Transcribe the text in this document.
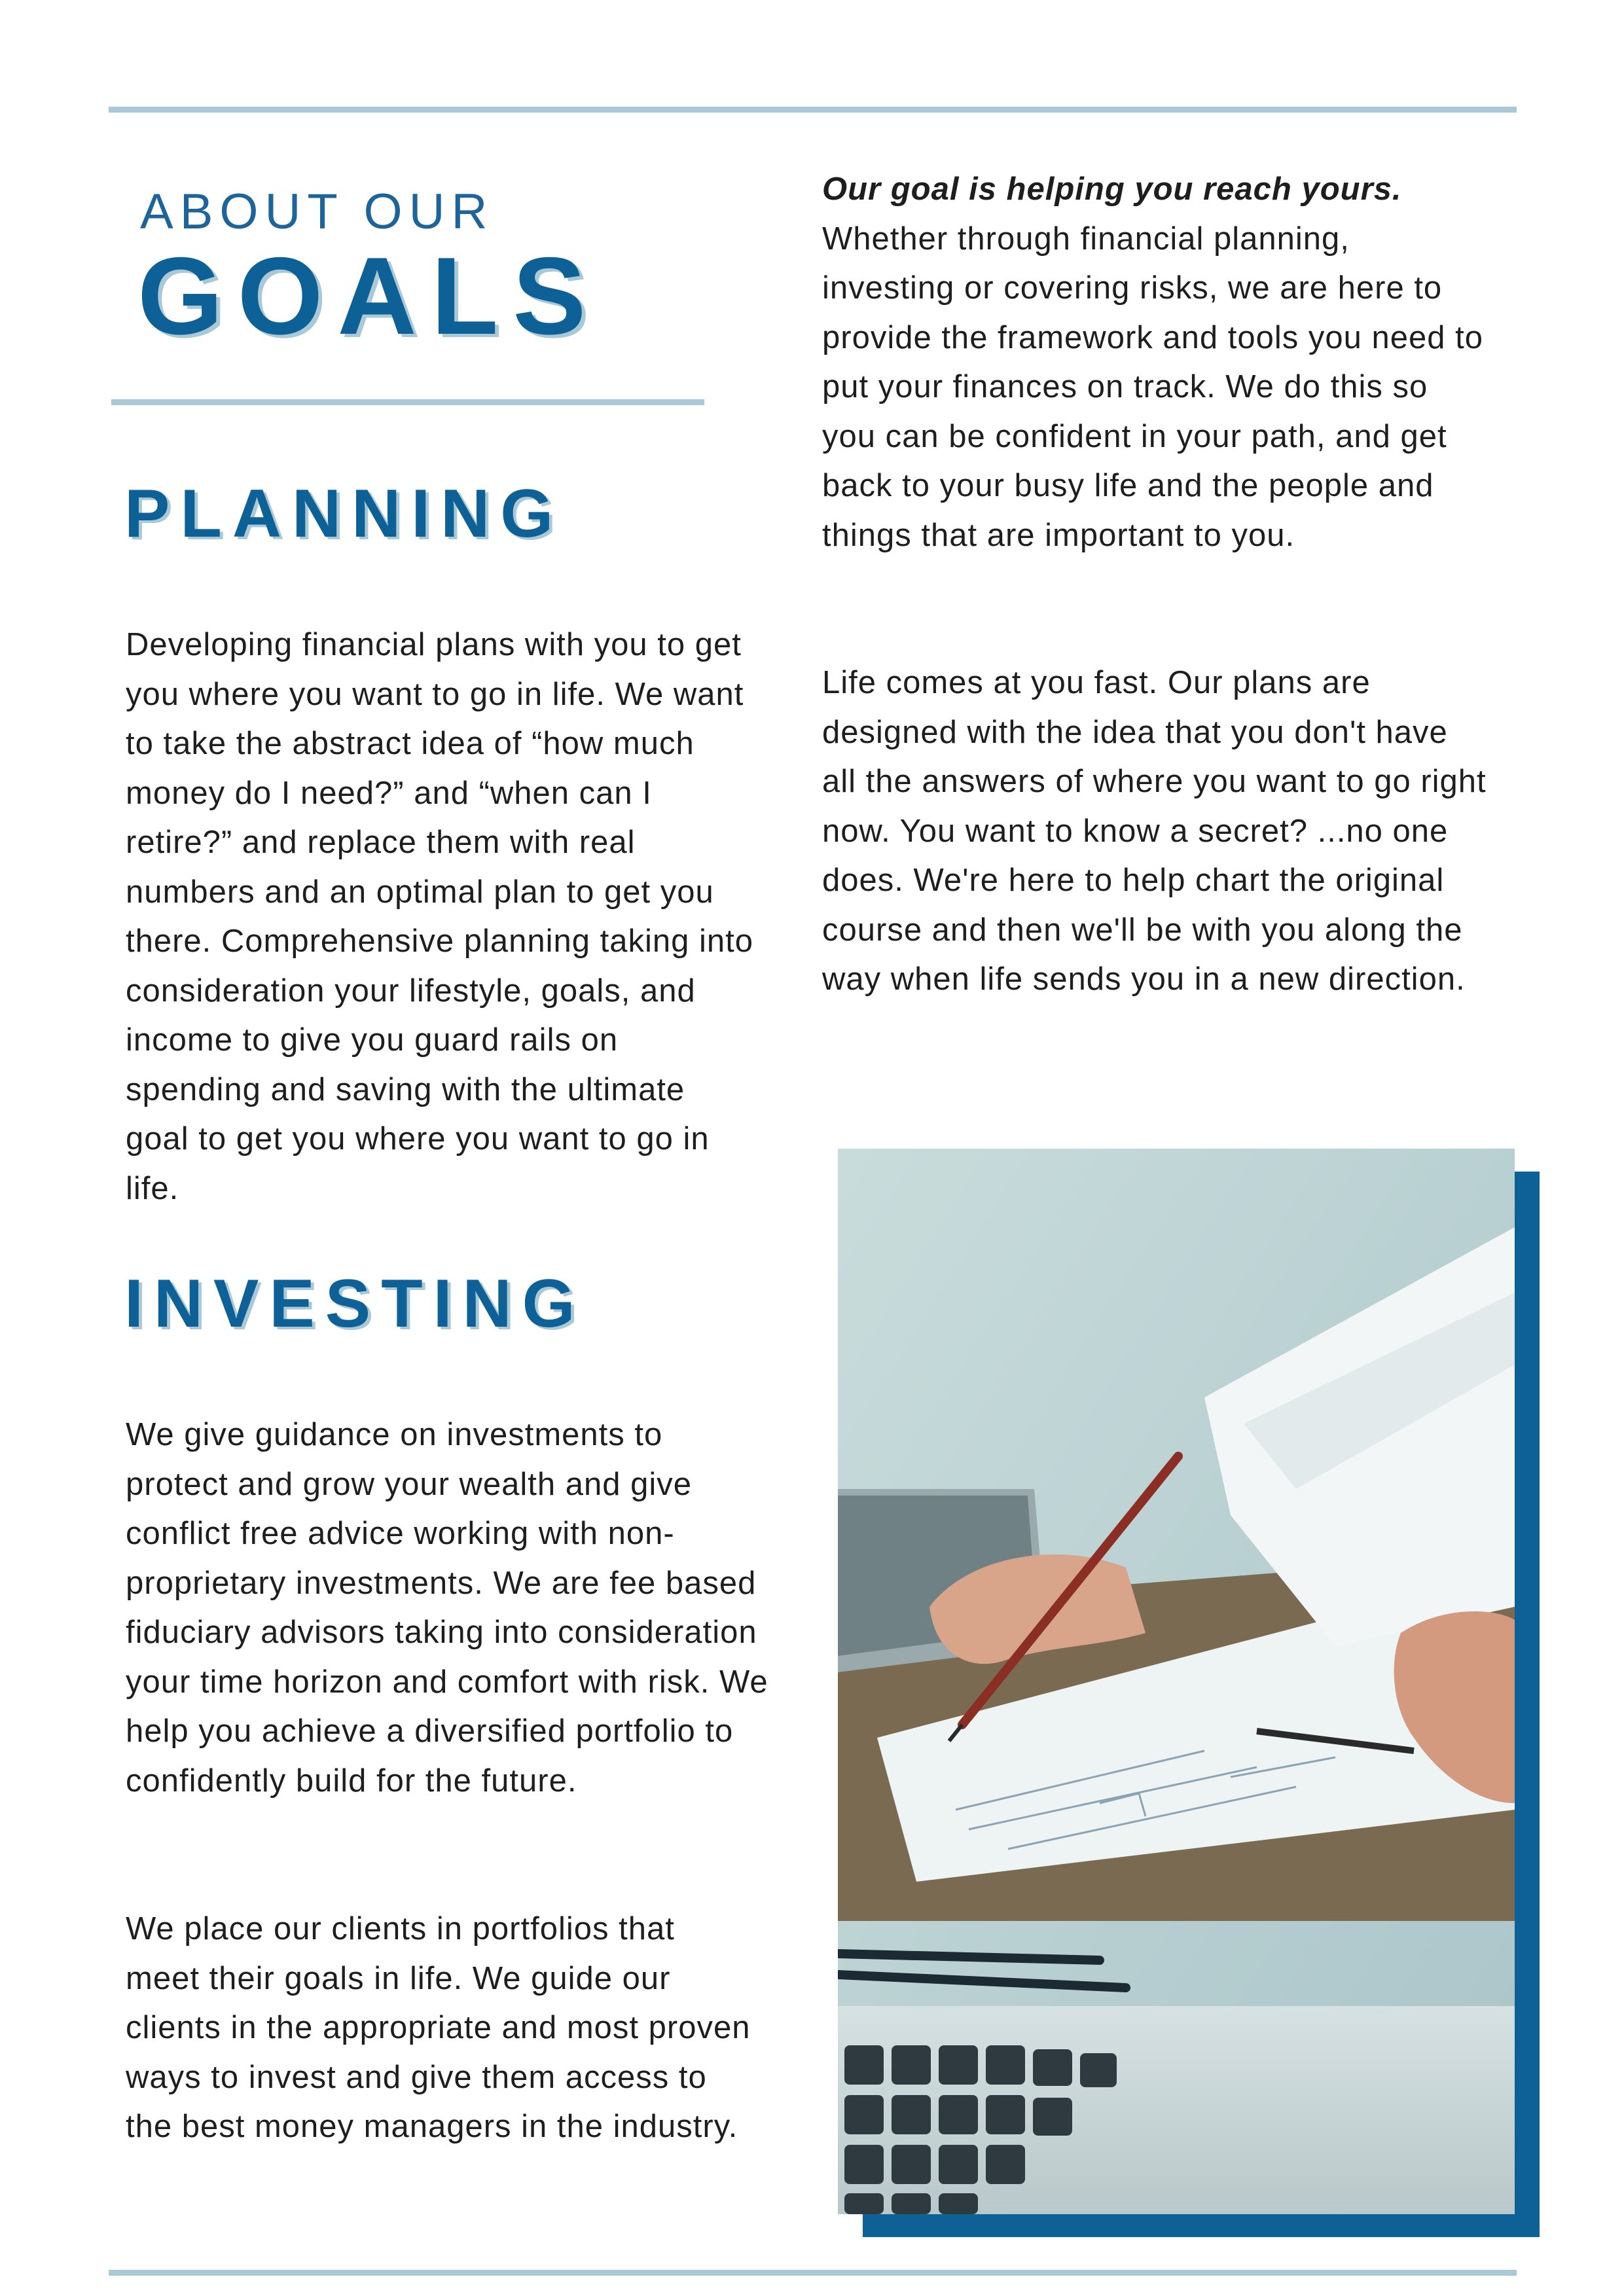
ABOUT OUR
GOALS
PLANNING

Developing financial plans with you to get you where you want to go in life. We want to take the abstract idea of “how much money do I need?” and “when can I retire?” and replace them with real numbers and an optimal plan to get you there. Comprehensive planning taking into consideration your lifestyle, goals, and income to give you guard rails on spending and saving with the ultimate goal to get you where you want to go in life.

INVESTING

We give guidance on investments to protect and grow your wealth and give conflict free advice working with non-proprietary investments. We are fee based fiduciary advisors taking into consideration your time horizon and comfort with risk. We help you achieve a diversified portfolio to confidently build for the future.

We place our clients in portfolios that meet their goals in life. We guide our clients in the appropriate and most proven ways to invest and give them access to the best money managers in the industry.

Our goal is helping you reach yours. Whether through financial planning, investing or covering risks, we are here to provide the framework and tools you need to put your finances on track. We do this so you can be confident in your path, and get back to your busy life and the people and things that are important to you.

Life comes at you fast. Our plans are designed with the idea that you don't have all the answers of where you want to go right now. You want to know a secret? ...no one does. We're here to help chart the original course and then we'll be with you along the way when life sends you in a new direction.
